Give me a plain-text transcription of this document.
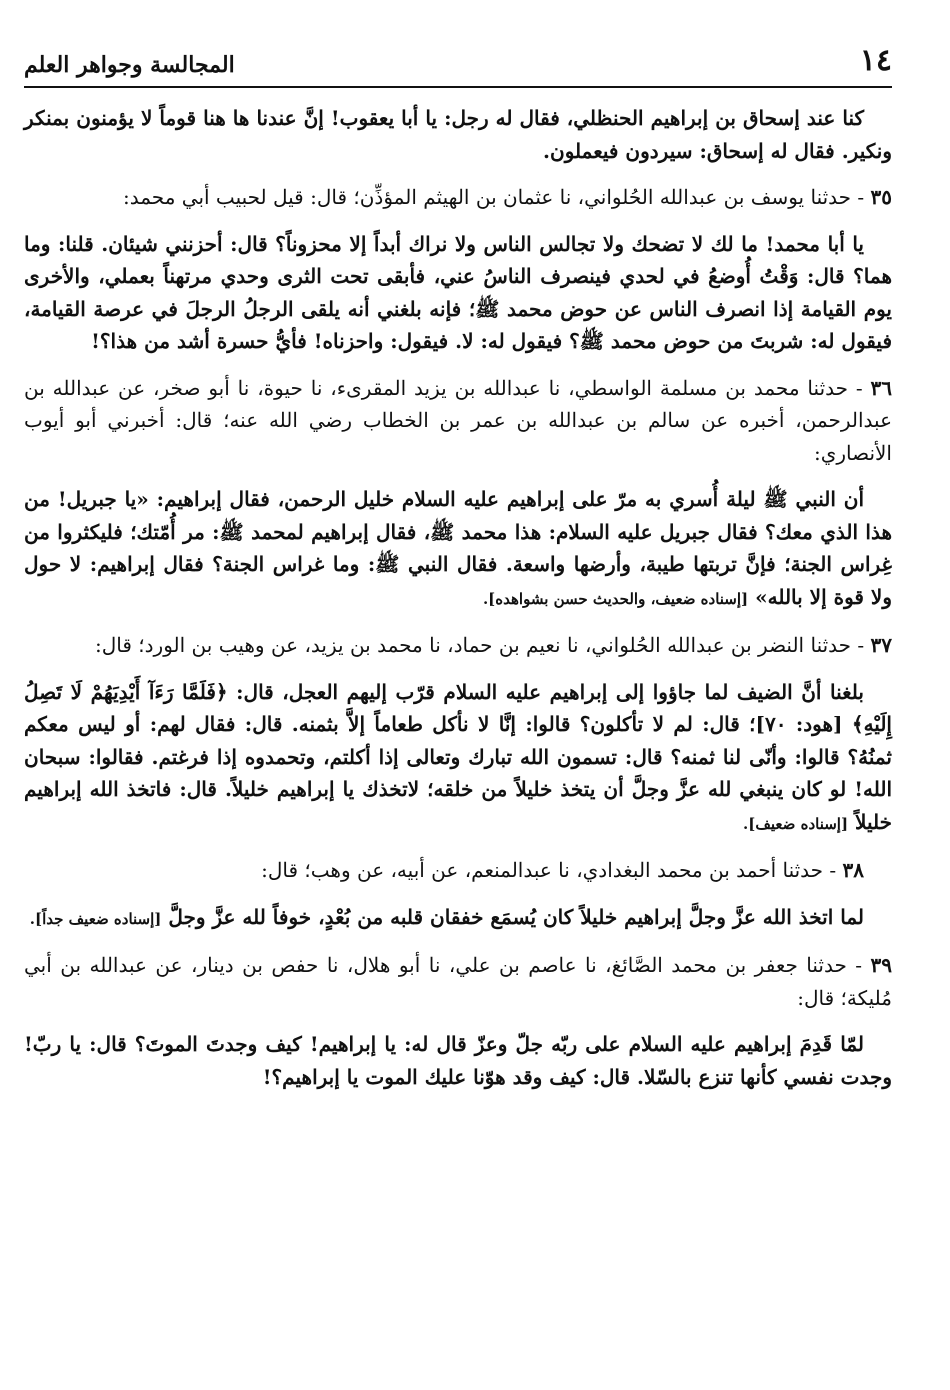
١٤
المجالسة وجواهر العلم

كنا عند إسحاق بن إبراهيم الحنظلي، فقال له رجل: يا أبا يعقوب! إنَّ عندنا ها هنا قوماً لا يؤمنون بمنكر ونكير. فقال له إسحاق: سيردون فيعملون.

٣٥ - حدثنا يوسف بن عبدالله الحُلواني، نا عثمان بن الهيثم المؤذِّن؛ قال: قيل لحبيب أبي محمد:

يا أبا محمد! ما لك لا تضحك ولا تجالس الناس ولا نراك أبداً إلا محزوناً؟ قال: أحزنني شيئان. قلنا: وما هما؟ قال: وَقْتُ أُوضعُ في لحدي فينصرف الناسُ عني، فأبقى تحت الثرى وحدي مرتهناً بعملي، والأخرى يوم القيامة إذا انصرف الناس عن حوض محمد ﷺ؛ فإنه بلغني أنه يلقى الرجلُ الرجلَ في عرصة القيامة، فيقول له: شربتَ من حوض محمد ﷺ؟ فيقول له: لا. فيقول: واحزناه! فأيُّ حسرة أشد من هذا؟!

٣٦ - حدثنا محمد بن مسلمة الواسطي، نا عبدالله بن يزيد المقرىء، نا حيوة، نا أبو صخر، عن عبدالله بن عبدالرحمن، أخبره عن سالم بن عبدالله بن عمر بن الخطاب رضي الله عنه؛ قال: أخبرني أبو أيوب الأنصاري:

أن النبي ﷺ ليلة أُسري به مرّ على إبراهيم عليه السلام خليل الرحمن، فقال إبراهيم: «يا جبريل! من هذا الذي معك؟ فقال جبريل عليه السلام: هذا محمد ﷺ، فقال إبراهيم لمحمد ﷺ: مر أُمّتك؛ فليكثروا من غِراس الجنة؛ فإنَّ تربتها طيبة، وأرضها واسعة. فقال النبي ﷺ: وما غراس الجنة؟ فقال إبراهيم: لا حول ولا قوة إلا بالله» [إسناده ضعيف، والحديث حسن بشواهده].

٣٧ - حدثنا النضر بن عبدالله الحُلواني، نا نعيم بن حماد، نا محمد بن يزيد، عن وهيب بن الورد؛ قال:

بلغنا أنَّ الضيف لما جاؤوا إلى إبراهيم عليه السلام قرّب إليهم العجل، قال: ﴿فَلَمَّا رَءَآ أَيْدِيَهُمْ لَا تَصِلُ إِلَيْهِ﴾ [هود: ٧٠]؛ قال: لم لا تأكلون؟ قالوا: إنَّا لا نأكل طعاماً إلاَّ بثمنه. قال: فقال لهم: أو ليس معكم ثمنُهُ؟ قالوا: وأنّى لنا ثمنه؟ قال: تسمون الله تبارك وتعالى إذا أكلتم، وتحمدوه إذا فرغتم. فقالوا: سبحان الله! لو كان ينبغي لله عزَّ وجلَّ أن يتخذ خليلاً من خلقه؛ لاتخذك يا إبراهيم خليلاً. قال: فاتخذ الله إبراهيم خليلاً [إسناده ضعيف].

٣٨ - حدثنا أحمد بن محمد البغدادي، نا عبدالمنعم، عن أبيه، عن وهب؛ قال:

لما اتخذ الله عزَّ وجلَّ إبراهيم خليلاً كان يُسمَع خفقان قلبه من بُعْدٍ، خوفاً لله عزَّ وجلَّ [إسناده ضعيف جداً].

٣٩ - حدثنا جعفر بن محمد الصَّائغ، نا عاصم بن علي، نا أبو هلال، نا حفص بن دينار، عن عبدالله بن أبي مُليكة؛ قال:

لمّا قَدِمَ إبراهيم عليه السلام على ربّه جلّ وعزّ قال له: يا إبراهيم! كيف وجدتَ الموتَ؟ قال: يا ربّ! وجدت نفسي كأنها تنزع بالسّلا. قال: كيف وقد هوّنا عليك الموت يا إبراهيم؟!
